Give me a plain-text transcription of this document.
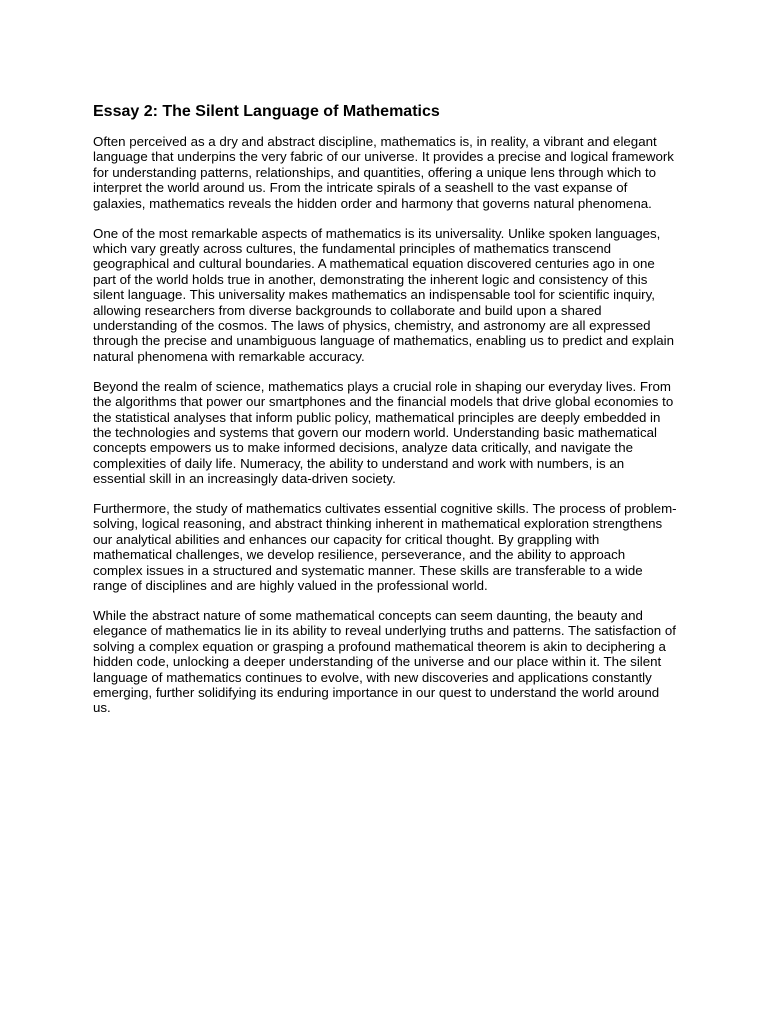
Essay 2: The Silent Language of Mathematics

Often perceived as a dry and abstract discipline, mathematics is, in reality, a vibrant and elegant language that underpins the very fabric of our universe. It provides a precise and logical framework for understanding patterns, relationships, and quantities, offering a unique lens through which to interpret the world around us. From the intricate spirals of a seashell to the vast expanse of galaxies, mathematics reveals the hidden order and harmony that governs natural phenomena.

One of the most remarkable aspects of mathematics is its universality. Unlike spoken languages, which vary greatly across cultures, the fundamental principles of mathematics transcend geographical and cultural boundaries. A mathematical equation discovered centuries ago in one part of the world holds true in another, demonstrating the inherent logic and consistency of this silent language. This universality makes mathematics an indispensable tool for scientific inquiry, allowing researchers from diverse backgrounds to collaborate and build upon a shared understanding of the cosmos. The laws of physics, chemistry, and astronomy are all expressed through the precise and unambiguous language of mathematics, enabling us to predict and explain natural phenomena with remarkable accuracy.

Beyond the realm of science, mathematics plays a crucial role in shaping our everyday lives. From the algorithms that power our smartphones and the financial models that drive global economies to the statistical analyses that inform public policy, mathematical principles are deeply embedded in the technologies and systems that govern our modern world. Understanding basic mathematical concepts empowers us to make informed decisions, analyze data critically, and navigate the complexities of daily life. Numeracy, the ability to understand and work with numbers, is an essential skill in an increasingly data-driven society.

Furthermore, the study of mathematics cultivates essential cognitive skills. The process of problem-solving, logical reasoning, and abstract thinking inherent in mathematical exploration strengthens our analytical abilities and enhances our capacity for critical thought. By grappling with mathematical challenges, we develop resilience, perseverance, and the ability to approach complex issues in a structured and systematic manner. These skills are transferable to a wide range of disciplines and are highly valued in the professional world.

While the abstract nature of some mathematical concepts can seem daunting, the beauty and elegance of mathematics lie in its ability to reveal underlying truths and patterns. The satisfaction of solving a complex equation or grasping a profound mathematical theorem is akin to deciphering a hidden code, unlocking a deeper understanding of the universe and our place within it. The silent language of mathematics continues to evolve, with new discoveries and applications constantly emerging, further solidifying its enduring importance in our quest to understand the world around us.
